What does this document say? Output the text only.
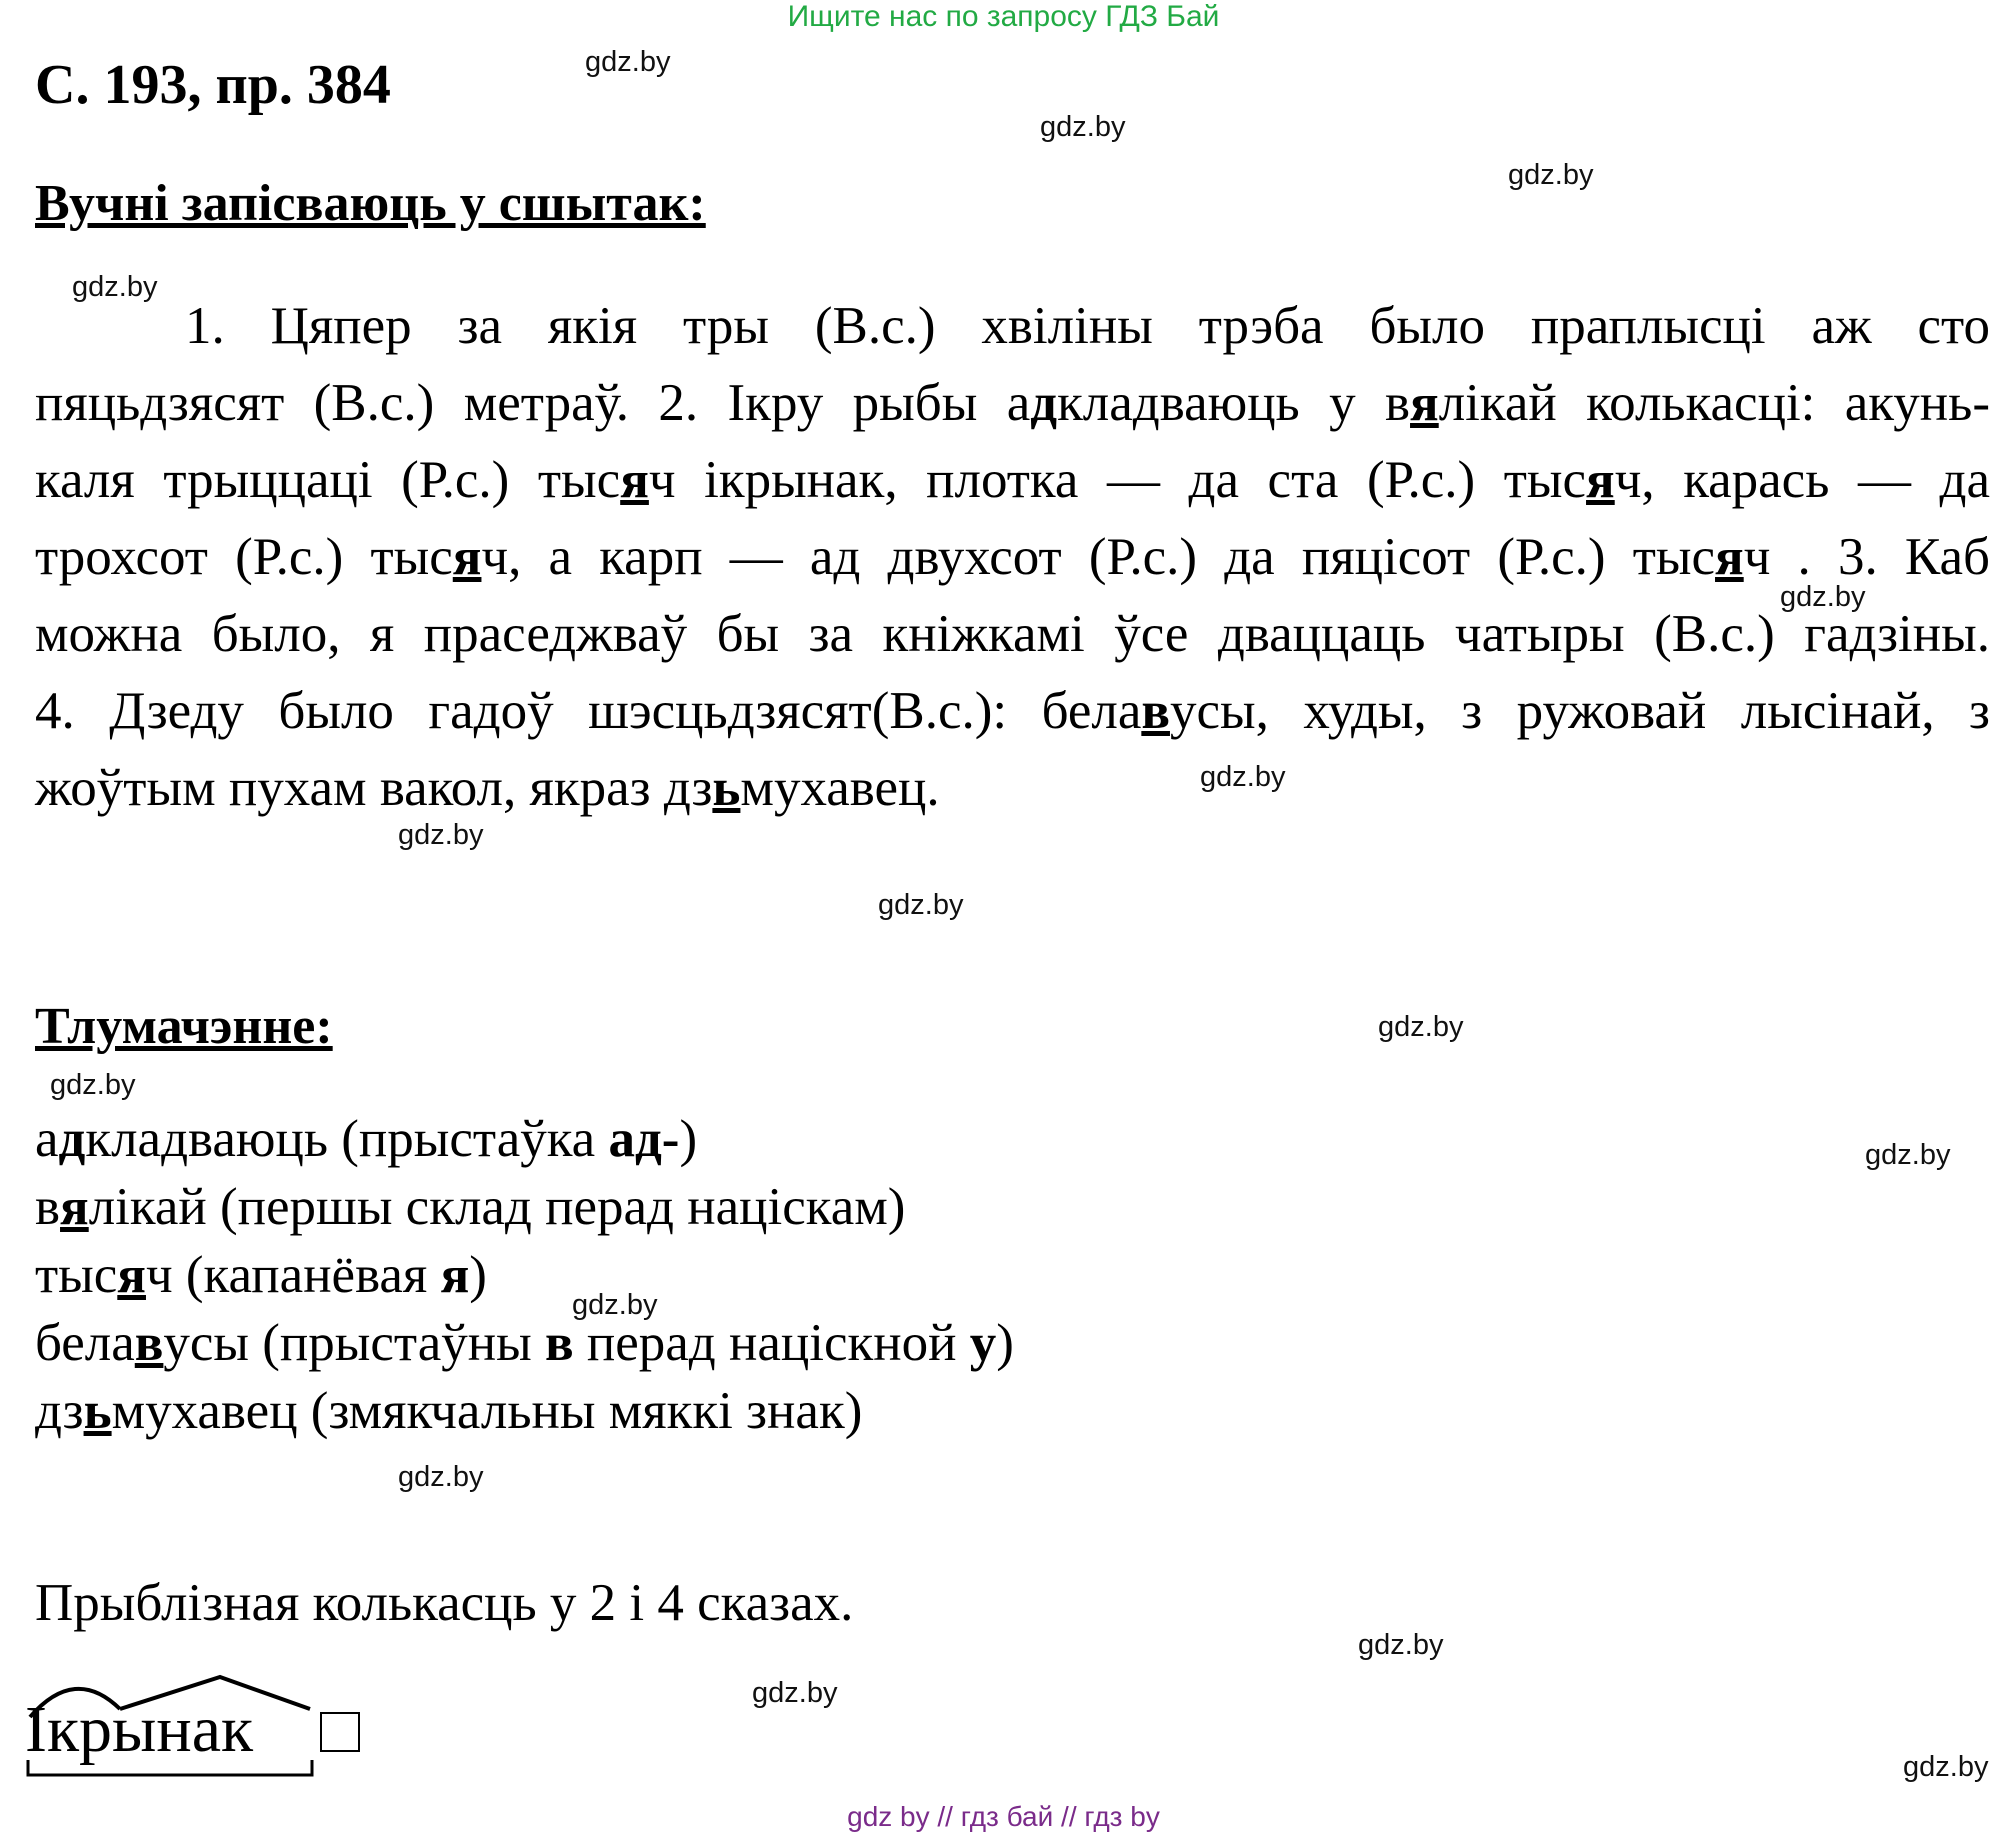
Ищите нас по запросу ГДЗ Бай
С. 193, пр. 384
Вучні запісваюць у сшытак:
1. Цяпер за якія тры (В.с.) хвіліны трэба было праплысці аж сто
пяцьдзясят (В.с.) метраў. 2. Ікру рыбы адкладваюць у вялікай колькасці: акунь-
каля трыццаці (Р.с.) тысяч ікрынак, плотка — да ста (Р.с.) тысяч, карась — да
трохсот (Р.с.) тысяч, а карп — ад двухсот (Р.с.) да пяцісот (Р.с.) тысяч . 3. Каб
можна было, я праседжваў бы за кніжкамі ўсе дваццаць чатыры (В.с.) гадзіны.
4. Дзеду было гадоў шэсцьдзясят(В.с.): белавусы, худы, з ружовай лысінай, з
жоўтым пухам вакол, якраз дзьмухавец.
Тлумачэнне:
адкладваюць (прыстаўка ад-)
вялікай (першы склад перад націскам)
тысяч (капанёвая я)
белавусы (прыстаўны в перад націскной у)
дзьмухавец (змякчальны мяккі знак)
Прыблізная колькасць у 2 і 4 сказах.
Ікрынак
gdz.by
gdz.by
gdz.by
gdz.by
gdz.by
gdz.by
gdz.by
gdz.by
gdz.by
gdz.by
gdz.by
gdz.by
gdz.by
gdz.by
gdz.by
gdz.by
gdz by // гдз бай // гдз by
